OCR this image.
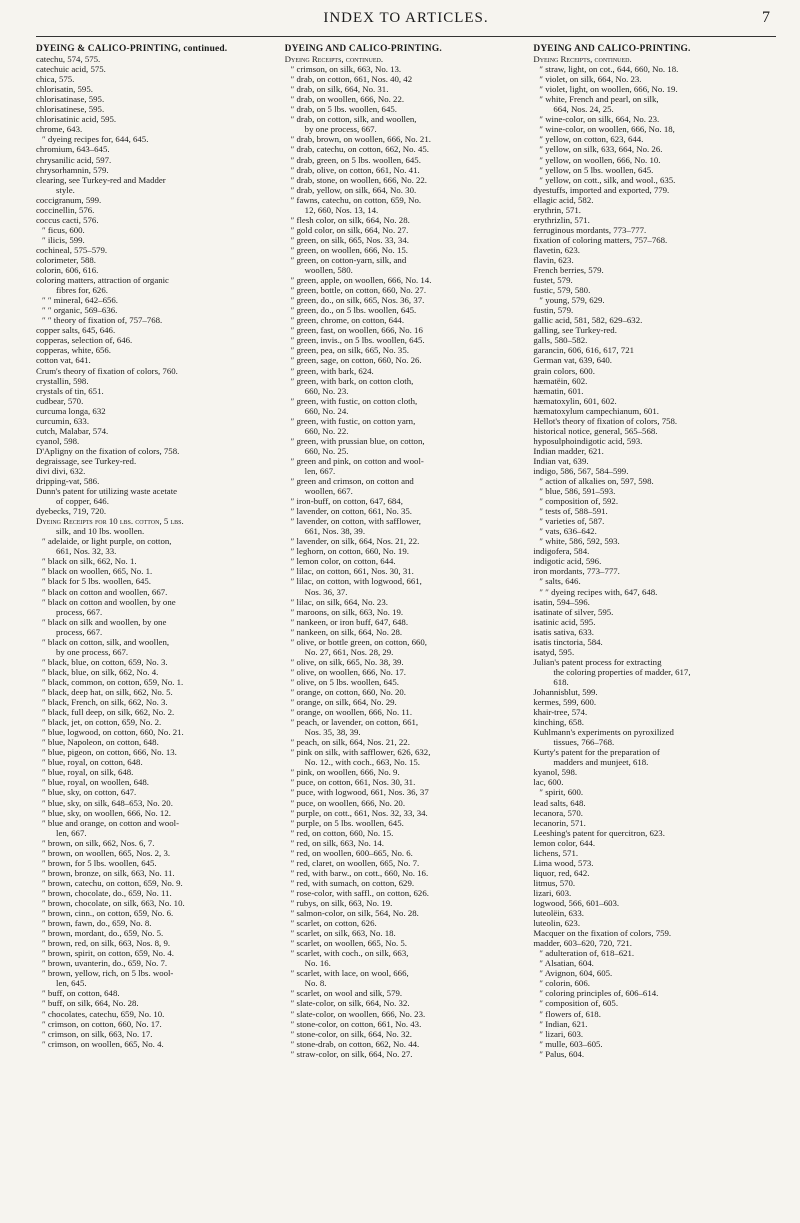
INDEX TO ARTICLES.	7
DYEING & CALICO-PRINTING, continued.
catechu, 574, 575.
catechuic acid, 575.
chica, 575.
chlorisatin, 595.
chlorisatinase, 595.
chlorisatinese, 595.
chlorisatinic acid, 595.
chrome, 643.
″ dyeing recipes for, 644, 645.
chromium, 643–645.
chrysanilic acid, 597.
chrysorhamnin, 579.
clearing, see Turkey-red and Madder
style.
coccigranum, 599.
coccinellin, 576.
coccus cacti, 576.
″ ficus, 600.
″ ilicis, 599.
cochineal, 575–579.
colorimeter, 588.
colorin, 606, 616.
coloring matters, attraction of organic
fibres for, 626.
″ ″ mineral, 642–656.
″ ″ organic, 569–636.
″ ″ theory of fixation of, 757–768.
copper salts, 645, 646.
copperas, selection of, 646.
copperas, white, 656.
cotton vat, 641.
Crum's theory of fixation of colors, 760.
crystallin, 598.
crystals of tin, 651.
cudbear, 570.
curcuma longa, 632
curcumin, 633.
cutch, Malabar, 574.
cyanol, 598.
D'Apligny on the fixation of colors, 758.
degraissage, see Turkey-red.
divi divi, 632.
dripping-vat, 586.
Dunn's patent for utilizing waste acetate
of copper, 646.
dyebecks, 719, 720.
Dyeing Receipts for 10 lbs. cotton, 5 lbs.
silk, and 10 lbs. woollen.
″ adelaide, or light purple, on cotton,
661, Nos. 32, 33.
″ black on silk, 662, No. 1.
″ black on woollen, 665, No. 1.
″ black for 5 lbs. woollen, 645.
″ black on cotton and woollen, 667.
″ black on cotton and woollen, by one
process, 667.
″ black on silk and woollen, by one
process, 667.
″ black on cotton, silk, and woollen,
by one process, 667.
″ black, blue, on cotton, 659, No. 3.
″ black, blue, on silk, 662, No. 4.
″ black, common, on cotton, 659, No. 1.
″ black, deep hat, on silk, 662, No. 5.
″ black, French, on silk, 662, No. 3.
″ black, full deep, on silk, 662, No. 2.
″ black, jet, on cotton, 659, No. 2.
″ blue, logwood, on cotton, 660, No. 21.
″ blue, Napoleon, on cotton, 648.
″ blue, pigeon, on cotton, 666, No. 13.
″ blue, royal, on cotton, 648.
″ blue, royal, on silk, 648.
″ blue, royal, on woollen, 648.
″ blue, sky, on cotton, 647.
″ blue, sky, on silk, 648–653, No. 20.
″ blue, sky, on woollen, 666, No. 12.
″ blue and orange, on cotton and wool-
len, 667.
″ brown, on silk, 662, Nos. 6, 7.
″ brown, on woollen, 665, Nos. 2, 3.
″ brown, for 5 lbs. woollen, 645.
″ brown, bronze, on silk, 663, No. 11.
″ brown, catechu, on cotton, 659, No. 9.
″ brown, chocolate, do., 659, No. 11.
″ brown, chocolate, on silk, 663, No. 10.
″ brown, cinn., on cotton, 659, No. 6.
″ brown, fawn, do., 659, No. 8.
″ brown, mordant, do., 659, No. 5.
″ brown, red, on silk, 663, Nos. 8, 9.
″ brown, spirit, on cotton, 659, No. 4.
″ brown, uvanterin, do., 659, No. 7.
″ brown, yellow, rich, on 5 lbs. wool-
len, 645.
″ buff, on cotton, 648.
″ buff, on silk, 664, No. 28.
″ chocolates, catechu, 659, No. 10.
″ crimson, on cotton, 660, No. 17.
″ crimson, on silk, 663, No. 17.
″ crimson, on woollen, 665, No. 4.
DYEING AND CALICO-PRINTING.
Dyeing Receipts, continued.
″ crimson, on silk, 663, No. 13.
″ drab, on cotton, 661, Nos. 40, 42
″ drab, on silk, 664, No. 31.
″ drab, on woollen, 666, No. 22.
″ drab, on 5 lbs. woollen, 645.
″ drab, on cotton, silk, and woollen,
by one process, 667.
″ drab, brown, on woollen, 666, No. 21.
″ drab, catechu, on cotton, 662, No. 45.
″ drab, green, on 5 lbs. woollen, 645.
″ drab, olive, on cotton, 661, No. 41.
″ drab, stone, on woollen, 666, No. 22.
″ drab, yellow, on silk, 664, No. 30.
″ fawns, catechu, on cotton, 659, No.
12, 660, Nos. 13, 14.
″ flesh color, on silk, 664, No. 28.
″ gold color, on silk, 664, No. 27.
″ green, on silk, 665, Nos. 33, 34.
″ green, on woollen, 666, No. 15.
″ green, on cotton-yarn, silk, and
woollen, 580.
″ green, apple, on woollen, 666, No. 14.
″ green, bottle, on cotton, 660, No. 27.
″ green, do., on silk, 665, Nos. 36, 37.
″ green, do., on 5 lbs. woollen, 645.
″ green, chrome, on cotton, 644.
″ green, fast, on woollen, 666, No. 16
″ green, invis., on 5 lbs. woollen, 645.
″ green, pea, on silk, 665, No. 35.
″ green, sage, on cotton, 660, No. 26.
″ green, with bark, 624.
″ green, with bark, on cotton cloth,
660, No. 23.
″ green, with fustic, on cotton cloth,
660, No. 24.
″ green, with fustic, on cotton yarn,
660, No. 22.
″ green, with prussian blue, on cotton,
660, No. 25.
″ green and pink, on cotton and wool-
len, 667.
″ green and crimson, on cotton and
woollen, 667.
″ iron-buff, on cotton, 647, 684,
″ lavender, on cotton, 661, No. 35.
″ lavender, on cotton, with safflower,
661, Nos. 38, 39.
″ lavender, on silk, 664, Nos. 21, 22.
″ leghorn, on cotton, 660, No. 19.
″ lemon color, on cotton, 644.
″ lilac, on cotton, 661, Nos. 30, 31.
″ lilac, on cotton, with logwood, 661,
Nos. 36, 37.
″ lilac, on silk, 664, No. 23.
″ maroons, on silk, 663, No. 19.
″ nankeen, or iron buff, 647, 648.
″ nankeen, on silk, 664, No. 28.
″ olive, or bottle green, on cotton, 660,
No. 27, 661, Nos. 28, 29.
″ olive, on silk, 665, No. 38, 39.
″ olive, on woollen, 666, No. 17.
″ olive, on 5 lbs. woollen, 645.
″ orange, on cotton, 660, No. 20.
″ orange, on silk, 664, No. 29.
″ orange, on woollen, 666, No. 11.
″ peach, or lavender, on cotton, 661,
Nos. 35, 38, 39.
″ peach, on silk, 664, Nos. 21, 22.
″ pink on silk, with safflower, 626, 632,
No. 12., with coch., 663, No. 15.
″ pink, on woollen, 666, No. 9.
″ puce, on cotton, 661, Nos. 30, 31.
″ puce, with logwood, 661, Nos. 36, 37
″ puce, on woollen, 666, No. 20.
″ purple, on cott., 661, Nos. 32, 33, 34.
″ purple, on 5 lbs. woollen, 645.
″ red, on cotton, 660, No. 15.
″ red, on silk, 663, No. 14.
″ red, on woollen, 600–665, No. 6.
″ red, claret, on woollen, 665, No. 7.
″ red, with barw., on cott., 660, No. 16.
″ red, with sumach, on cotton, 629.
″ rose-color, with saffl., on cotton, 626.
″ rubys, on silk, 663, No. 19.
″ salmon-color, on silk, 564, No. 28.
″ scarlet, on cotton, 626.
″ scarlet, on silk, 663, No. 18.
″ scarlet, on woollen, 665, No. 5.
″ scarlet, with coch., on silk, 663,
No. 16.
″ scarlet, with lace, on wool, 666,
No. 8.
″ scarlet, on wool and silk, 579.
″ slate-color, on silk, 664, No. 32.
″ slate-color, on woollen, 666, No. 23.
″ stone-color, on cotton, 661, No. 43.
″ stone-color, on silk, 664, No. 32.
″ stone-drab, on cotton, 662, No. 44.
″ straw-color, on silk, 664, No. 27.
DYEING AND CALICO-PRINTING.
Dyeing Receipts, continued.
″ straw, light, on cot., 644, 660, No. 18.
″ violet, on silk, 664, No. 23.
″ violet, light, on woollen, 666, No. 19.
″ white, French and pearl, on silk,
664, Nos. 24, 25.
″ wine-color, on silk, 664, No. 23.
″ wine-color, on woollen, 666, No. 18,
″ yellow, on cotton, 623, 644.
″ yellow, on silk, 633, 664, No. 26.
″ yellow, on woollen, 666, No. 10.
″ yellow, on 5 lbs. woollen, 645.
″ yellow, on cott., silk, and wool., 635.
dyestuffs, imported and exported, 779.
ellagic acid, 582.
erythrin, 571.
erythrizlin, 571.
ferruginous mordants, 773–777.
fixation of coloring matters, 757–768.
flavetin, 623.
flavin, 623.
French berries, 579.
fustet, 579.
fustic, 579, 580.
″ young, 579, 629.
fustin, 579.
gallic acid, 581, 582, 629–632.
galling, see Turkey-red.
galls, 580–582.
garancin, 606, 616, 617, 721
German vat, 639, 640.
grain colors, 600.
hæmatëin, 602.
hæmatin, 601.
hæmatoxylin, 601, 602.
hæmatoxylum campechianum, 601.
Hellot's theory of fixation of colors, 758.
historical notice, general, 565–568.
hyposulphoindigotic acid, 593.
Indian madder, 621.
Indian vat, 639.
indigo, 586, 567, 584–599.
″ action of alkalies on, 597, 598.
″ blue, 586, 591–593.
″ composition of, 592.
″ tests of, 588–591.
″ varieties of, 587.
″ vats, 636–642.
″ white, 586, 592, 593.
indigofera, 584.
indigotic acid, 596.
iron mordants, 773–777.
″ salts, 646.
″ ″ dyeing recipes with, 647, 648.
isatin, 594–596.
isatinate of silver, 595.
isatinic acid, 595.
isatis sativa, 633.
isatis tinctoria, 584.
isatyd, 595.
Julian's patent process for extracting
the coloring properties of madder, 617,
618.
Johannisblut, 599.
kermes, 599, 600.
khair-tree, 574.
kinching, 658.
Kuhlmann's experiments on pyroxilized
tissues, 766–768.
Kurty's patent for the preparation of
madders and munjeet, 618.
kyanol, 598.
lac, 600.
″ spirit, 600.
lead salts, 648.
lecanora, 570.
lecanorin, 571.
Leeshing's patent for quercitron, 623.
lemon color, 644.
lichens, 571.
Lima wood, 573.
liquor, red, 642.
litmus, 570.
lizari, 603.
logwood, 566, 601–603.
luteolëin, 633.
luteolin, 623.
Macquer on the fixation of colors, 759.
madder, 603–620, 720, 721.
″ adulteration of, 618–621.
″ Alsatian, 604.
″ Avignon, 604, 605.
″ colorin, 606.
″ coloring principles of, 606–614.
″ composition of, 605.
″ flowers of, 618.
″ Indian, 621.
″ lizari, 603.
″ mulle, 603–605.
″ Palus, 604.
